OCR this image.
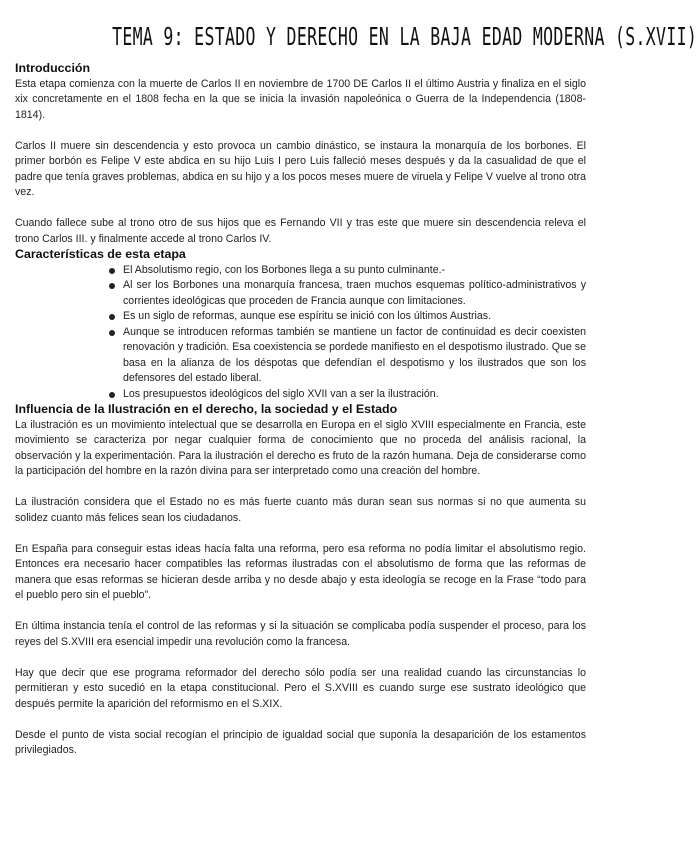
TEMA 9: ESTADO Y DERECHO EN LA BAJA EDAD MODERNA (S.XVII)
Introducción

Esta etapa comienza con la muerte de Carlos II en noviembre de 1700 DE Carlos II el último Austria y finaliza en el siglo xix concretamente en el 1808 fecha en la que se inicia la invasión napoleónica o Guerra de la Independencia (1808-1814).

Carlos II muere sin descendencia y esto provoca un cambio dinástico, se instaura la monarquía de los borbones. El primer borbón es Felipe V este abdica en su hijo Luis I pero Luis falleció meses después y da la casualidad de que el padre que tenía graves problemas, abdica en su hijo y a los pocos meses muere de viruela y Felipe V vuelve al trono otra vez.

Cuando fallece sube al trono otro de sus hijos que es Fernando VII y tras este que muere sin descendencia releva el trono Carlos III. y finalmente accede al trono Carlos IV.

Características de esta etapa
El Absolutismo regio, con los Borbones llega a su punto culminante.-
Al ser los Borbones una monarquía francesa, traen muchos esquemas político-administrativos y corrientes ideológicas que proceden de Francia aunque con limitaciones.
Es un siglo de reformas, aunque ese espíritu se inició con los últimos Austrias.
Aunque se introducen reformas también se mantiene un factor de continuidad es decir coexisten renovación y tradición. Esa coexistencia se pordede manifiesto en el despotismo ilustrado. Que se basa en la alianza de los déspotas que defendían el despotismo y los ilustrados que son los defensores del estado liberal.
Los presupuestos ideológicos del siglo XVII van a ser la ilustración.
Influencia de la Ilustración en el derecho, la sociedad y el Estado

La ilustración es un movimiento intelectual que se desarrolla en Europa en el siglo XVIII especialmente en Francia, este movimiento se caracteriza por negar cualquier forma de conocimiento que no proceda del análisis racional, la observación y la experimentación. Para la ilustración el derecho es fruto de la razón humana. Deja de considerarse como la participación del hombre en la razón divina para ser interpretado como una creación del hombre.

La ilustración considera que el Estado no es más fuerte cuanto más duran sean sus normas si no que aumenta su solidez cuanto más felices sean los ciudadanos.

En España para conseguir estas ideas hacía falta una reforma, pero esa reforma no podía limitar el absolutismo regio. Entonces era necesario hacer compatibles las reformas ilustradas con el absolutismo de forma que las reformas de manera que esas reformas se hicieran desde arriba y no desde abajo y esta ideología se recoge en la Frase “todo para el pueblo pero sin el pueblo”.

En última instancia tenía el control de las reformas y si la situación se complicaba podía suspender el proceso, para los reyes del S.XVIII era esencial impedir una revolución como la francesa.

Hay que decir que ese programa reformador del derecho sólo podía ser una realidad cuando las circunstancias lo permitieran y esto sucedió en la etapa constitucional. Pero el S.XVIII es cuando surge ese sustrato ideológico que después permite la aparición del reformismo en el S.XIX.

Desde el punto de vista social recogían el principio de igualdad social que suponía la desaparición de los estamentos privilegiados.
